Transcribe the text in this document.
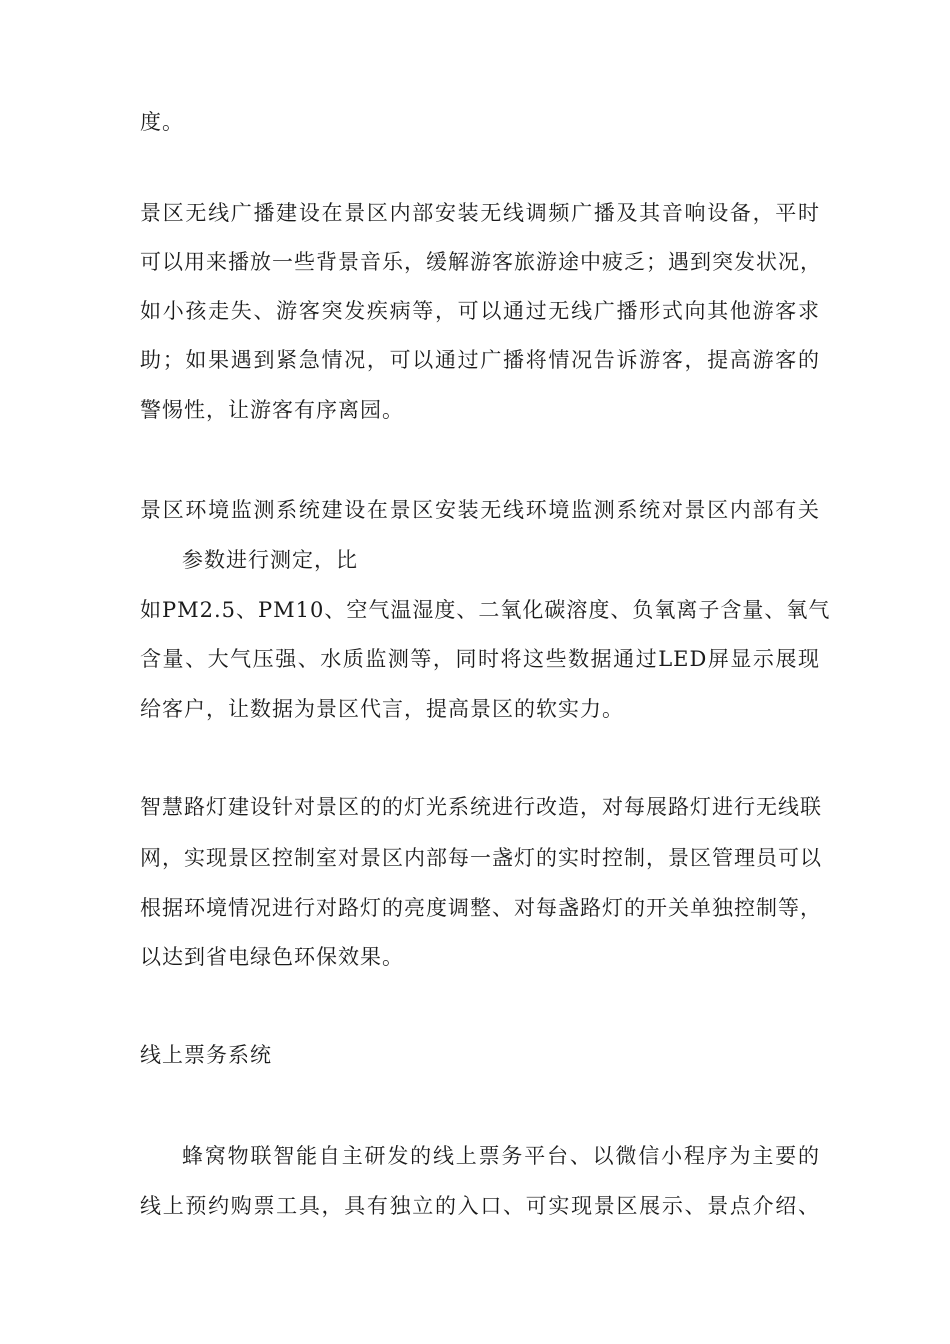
度。
景区无线广播建设在景区内部安装无线调频广播及其音响设备，平时
可以用来播放一些背景音乐，缓解游客旅游途中疲乏；遇到突发状况，
如小孩走失、游客突发疾病等，可以通过无线广播形式向其他游客求
助；如果遇到紧急情况，可以通过广播将情况告诉游客，提高游客的
警惕性，让游客有序离园。
景区环境监测系统建设在景区安装无线环境监测系统对景区内部有关
参数进行测定，比
如PM2.5、PM10、空气温湿度、二氧化碳溶度、负氧离子含量、氧气
含量、大气压强、水质监测等，同时将这些数据通过LED屏显示展现
给客户，让数据为景区代言，提高景区的软实力。
智慧路灯建设针对景区的的灯光系统进行改造，对每展路灯进行无线联
网，实现景区控制室对景区内部每一盏灯的实时控制，景区管理员可以
根据环境情况进行对路灯的亮度调整、对每盏路灯的开关单独控制等，
以达到省电绿色环保效果。
线上票务系统
蜂窝物联智能自主研发的线上票务平台、以微信小程序为主要的
线上预约购票工具，具有独立的入口、可实现景区展示、景点介绍、
